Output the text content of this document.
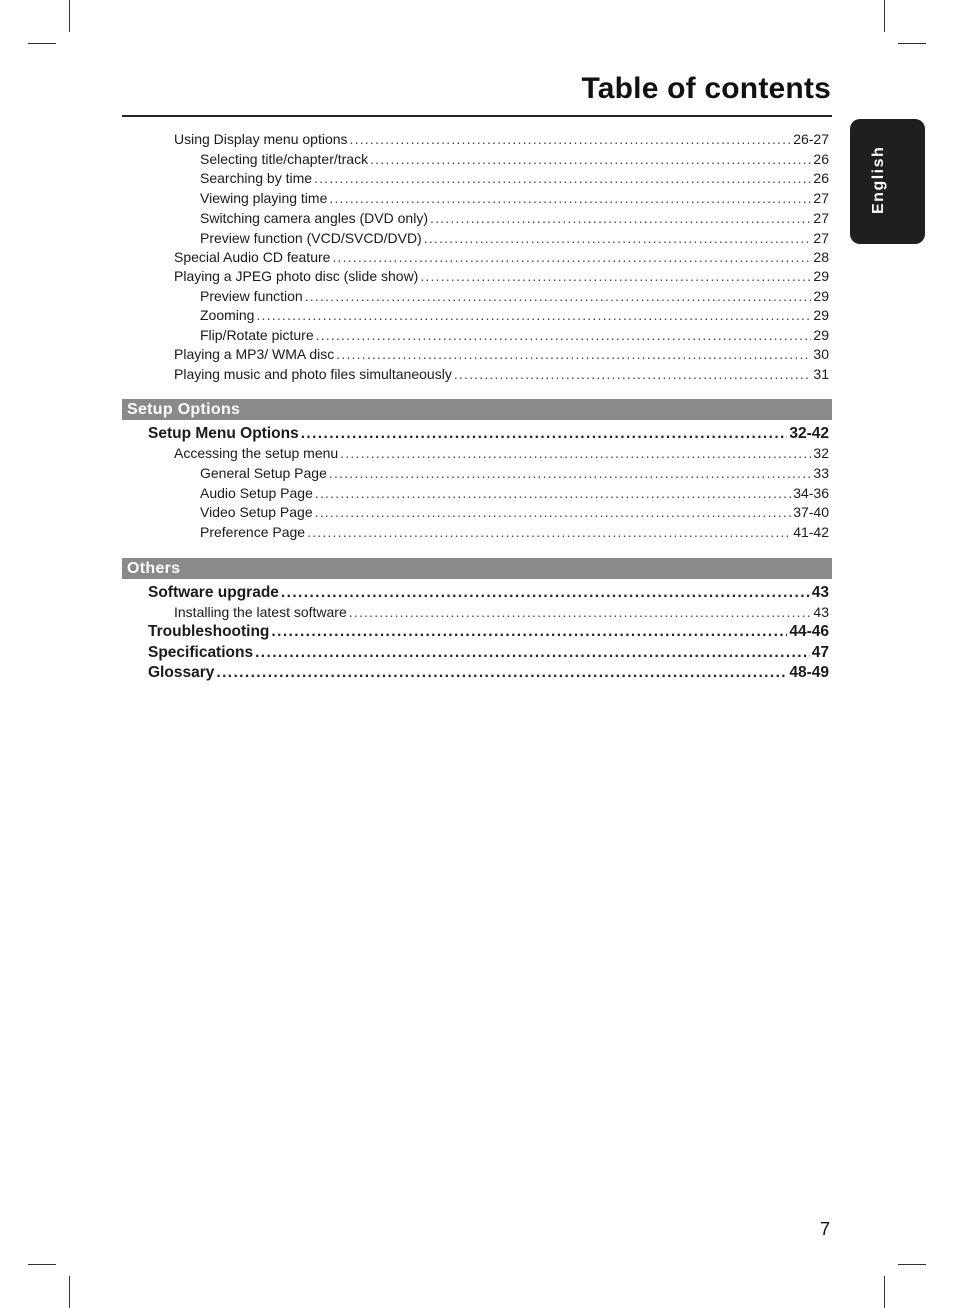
Table of contents
English
Using Display menu options .....	26-27
Selecting title/chapter/track .....	26
Searching by time .....	26
Viewing playing time .....	27
Switching camera angles (DVD only) .....	27
Preview function (VCD/SVCD/DVD) .....	27
Special Audio CD feature .....	28
Playing a JPEG photo disc (slide show) .....	29
Preview function .....	29
Zooming .....	29
Flip/Rotate picture .....	29
Playing a MP3/ WMA disc .....	30
Playing music and photo files simultaneously .....	31
Setup Options
Setup Menu Options .....	32-42
Accessing the setup menu .....	32
General Setup Page .....	33
Audio Setup Page .....	34-36
Video Setup Page .....	37-40
Preference Page .....	41-42
Others
Software upgrade .....	43
Installing the latest software .....	43
Troubleshooting .....	44-46
Specifications .....	47
Glossary .....	48-49
7
